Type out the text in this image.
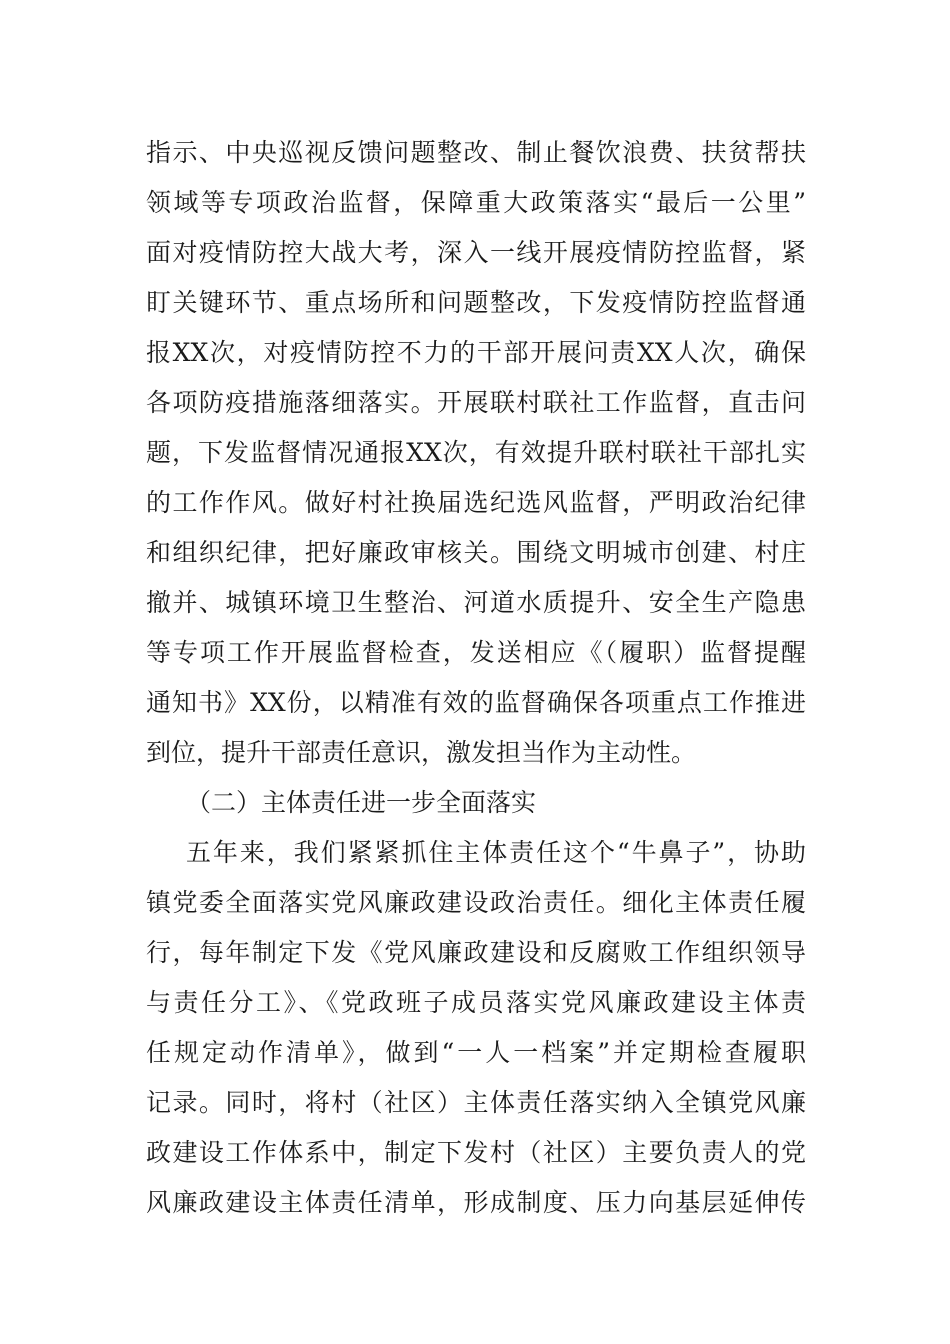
指示、中央巡视反馈问题整改、制止餐饮浪费、扶贫帮扶
领域等专项政治监督，保障重大政策落实“最后一公里”
面对疫情防控大战大考，深入一线开展疫情防控监督，紧
盯关键环节、重点场所和问题整改，下发疫情防控监督通
报XX次，对疫情防控不力的干部开展问责XX人次，确保
各项防疫措施落细落实。开展联村联社工作监督，直击问
题，下发监督情况通报XX次，有效提升联村联社干部扎实
的工作作风。做好村社换届选纪选风监督，严明政治纪律
和组织纪律，把好廉政审核关。围绕文明城市创建、村庄
撤并、城镇环境卫生整治、河道水质提升、安全生产隐患
等专项工作开展监督检查，发送相应《（履职）监督提醒
通知书》XX份，以精准有效的监督确保各项重点工作推进
到位，提升干部责任意识，激发担当作为主动性。
（二）主体责任进一步全面落实
五年来，我们紧紧抓住主体责任这个“牛鼻子”，协助
镇党委全面落实党风廉政建设政治责任。细化主体责任履
行，每年制定下发《党风廉政建设和反腐败工作组织领导
与责任分工》、《党政班子成员落实党风廉政建设主体责
任规定动作清单》，做到“一人一档案”并定期检查履职
记录。同时，将村（社区）主体责任落实纳入全镇党风廉
政建设工作体系中，制定下发村（社区）主要负责人的党
风廉政建设主体责任清单，形成制度、压力向基层延伸传
